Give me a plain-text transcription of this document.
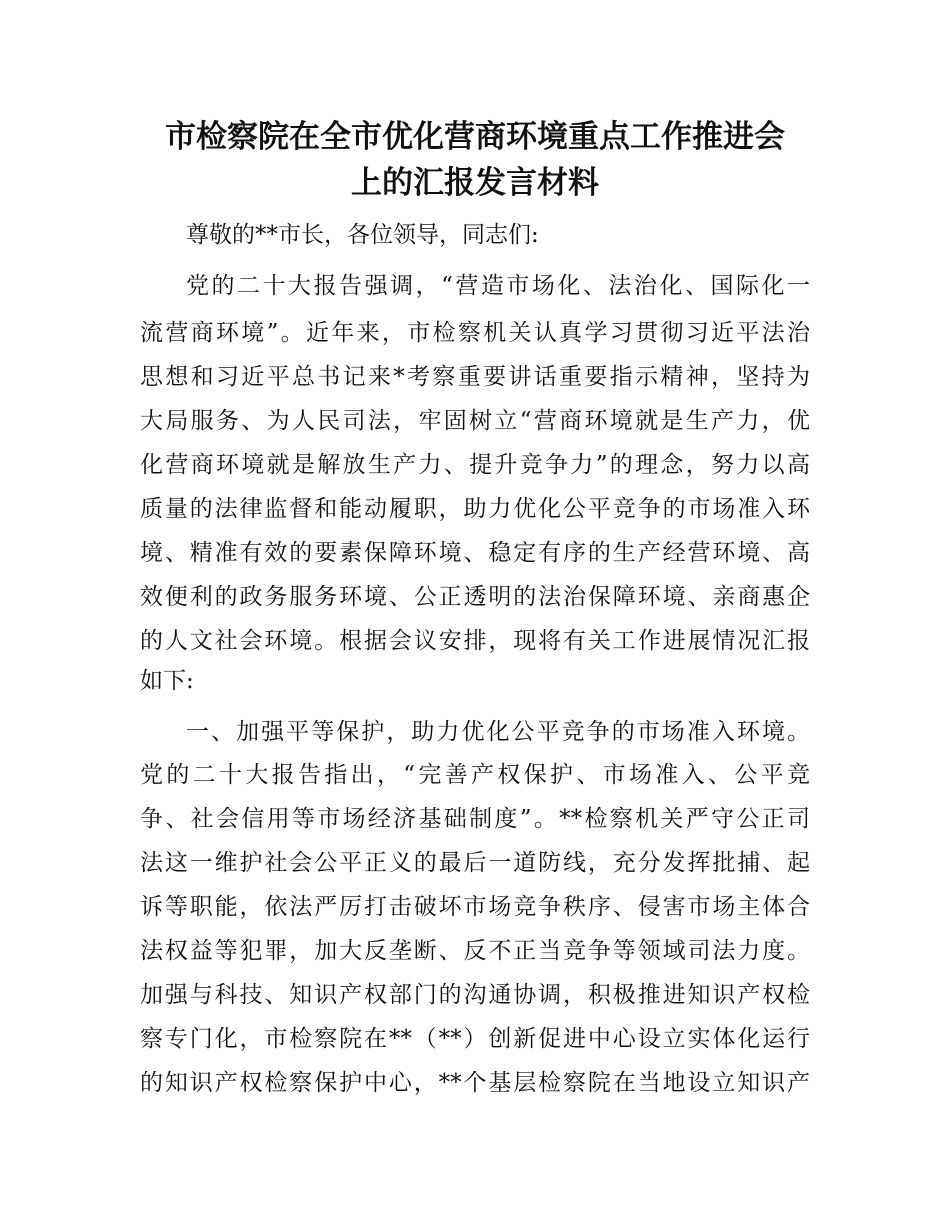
市检察院在全市优化营商环境重点工作推进会
上的汇报发言材料
尊敬的**市长，各位领导，同志们:
党的二十大报告强调，“营造市场化、法治化、国际化一
流营商环境”。近年来，市检察机关认真学习贯彻习近平法治
思想和习近平总书记来*考察重要讲话重要指示精神，坚持为
大局服务、为人民司法，牢固树立“营商环境就是生产力，优
化营商环境就是解放生产力、提升竞争力”的理念，努力以高
质量的法律监督和能动履职，助力优化公平竞争的市场准入环
境、精准有效的要素保障环境、稳定有序的生产经营环境、高
效便利的政务服务环境、公正透明的法治保障环境、亲商惠企
的人文社会环境。根据会议安排，现将有关工作进展情况汇报
如下:
一、加强平等保护，助力优化公平竞争的市场准入环境。
党的二十大报告指出，“完善产权保护、市场准入、公平竞
争、社会信用等市场经济基础制度”。**检察机关严守公正司
法这一维护社会公平正义的最后一道防线，充分发挥批捕、起
诉等职能，依法严厉打击破坏市场竞争秩序、侵害市场主体合
法权益等犯罪，加大反垄断、反不正当竞争等领域司法力度。
加强与科技、知识产权部门的沟通协调，积极推进知识产权检
察专门化，市检察院在**（**）创新促进中心设立实体化运行
的知识产权检察保护中心，**个基层检察院在当地设立知识产
